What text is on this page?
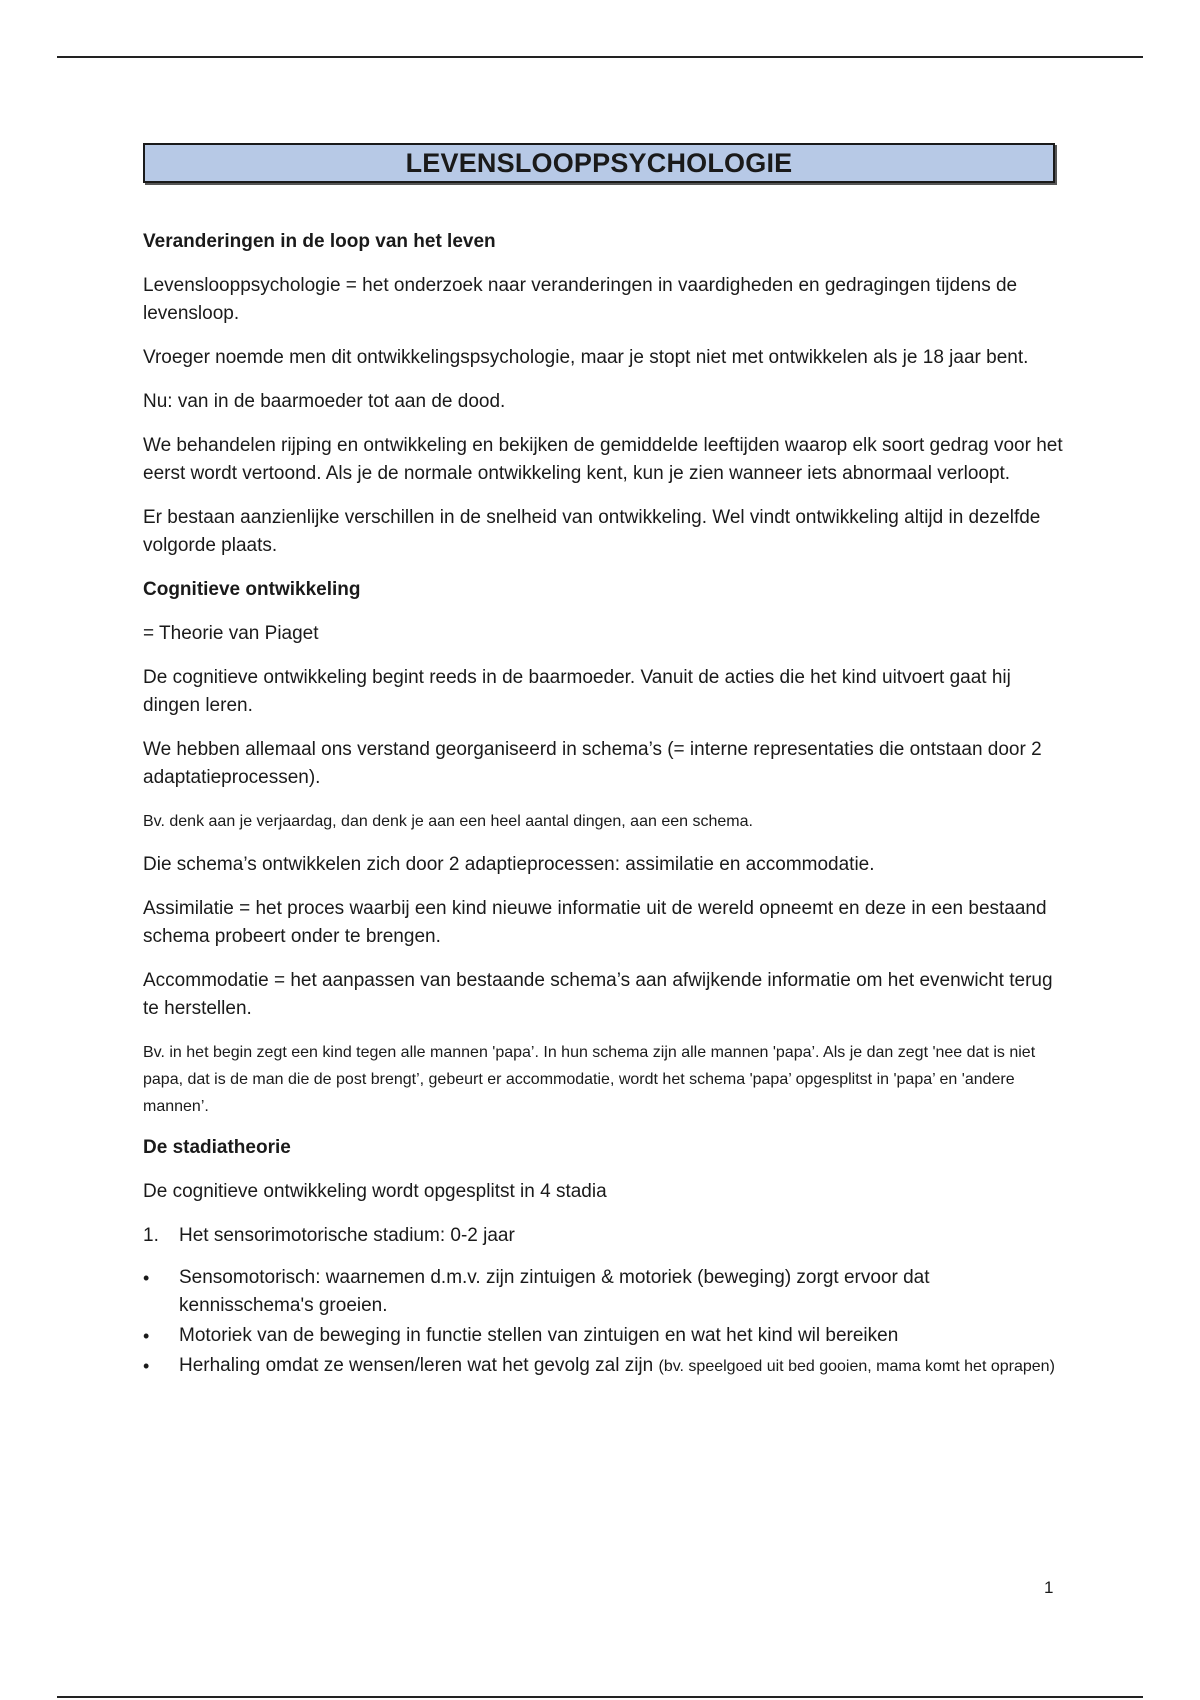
LEVENSLOOPPSYCHOLOGIE

Veranderingen in de loop van het leven

Levenslooppsychologie = het onderzoek naar veranderingen in vaardigheden en gedragingen tijdens de levensloop.

Vroeger noemde men dit ontwikkelingspsychologie, maar je stopt niet met ontwikkelen als je 18 jaar bent.

Nu: van in de baarmoeder tot aan de dood.

We behandelen rijping en ontwikkeling en bekijken de gemiddelde leeftijden waarop elk soort gedrag voor het eerst wordt vertoond. Als je de normale ontwikkeling kent, kun je zien wanneer iets abnormaal verloopt.

Er bestaan aanzienlijke verschillen in de snelheid van ontwikkeling. Wel vindt ontwikkeling altijd in dezelfde volgorde plaats.

Cognitieve ontwikkeling

= Theorie van Piaget

De cognitieve ontwikkeling begint reeds in de baarmoeder. Vanuit de acties die het kind uitvoert gaat hij dingen leren.

We hebben allemaal ons verstand georganiseerd in schema’s (= interne representaties die ontstaan door 2 adaptatieprocessen).

Bv. denk aan je verjaardag, dan denk je aan een heel aantal dingen, aan een schema.

Die schema’s ontwikkelen zich door 2 adaptieprocessen: assimilatie en accommodatie.

Assimilatie = het proces waarbij een kind nieuwe informatie uit de wereld opneemt en deze in een bestaand schema probeert onder te brengen.

Accommodatie = het aanpassen van bestaande schema’s aan afwijkende informatie om het evenwicht terug te herstellen.

Bv. in het begin zegt een kind tegen alle mannen 'papa’. In hun schema zijn alle mannen 'papa’. Als je dan zegt 'nee dat is niet papa, dat is de man die de post brengt’, gebeurt er accommodatie, wordt het schema 'papa’ opgesplitst in 'papa’ en 'andere mannen’.

De stadiatheorie

De cognitieve ontwikkeling wordt opgesplitst in 4 stadia

1.	Het sensorimotorische stadium: 0-2 jaar
•	Sensomotorisch: waarnemen d.m.v. zijn zintuigen & motoriek (beweging) zorgt ervoor dat kennisschema's groeien.
•	Motoriek van de beweging in functie stellen van zintuigen en wat het kind wil bereiken
•	Herhaling omdat ze wensen/leren wat het gevolg zal zijn (bv. speelgoed uit bed gooien, mama komt het oprapen)
1
